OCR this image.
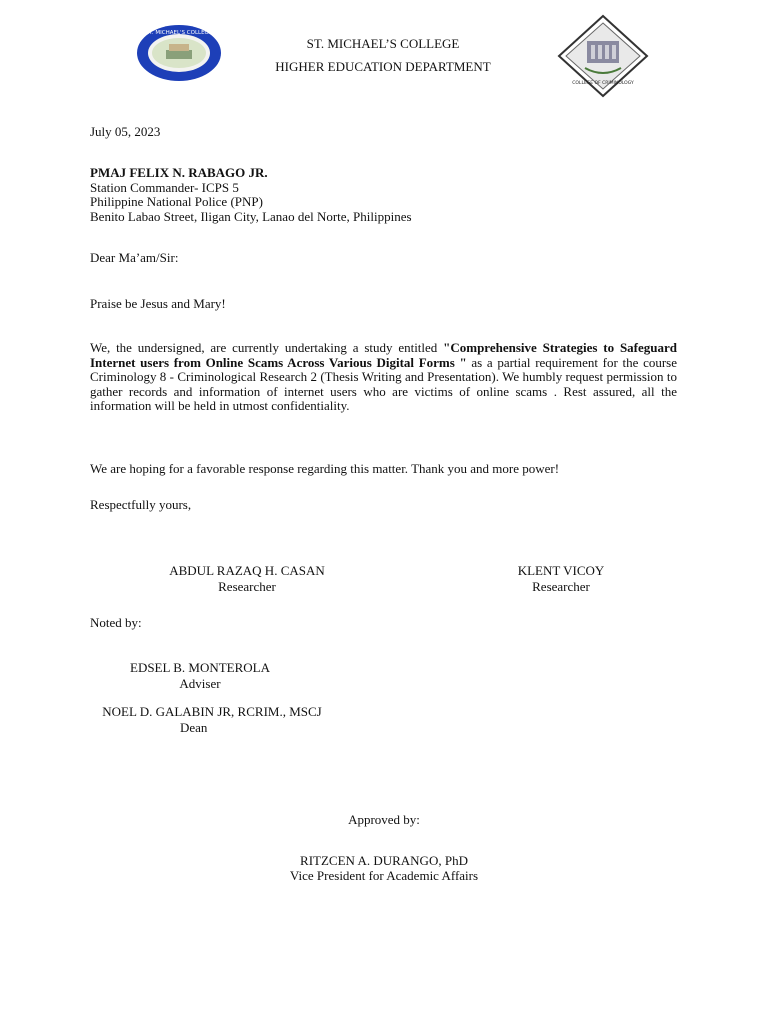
ST. MICHAEL'S COLLEGE
COLLEGE OF CRIMINOLOGY
ST. MICHAEL’S COLLEGE
HIGHER EDUCATION DEPARTMENT
July 05, 2023
PMAJ FELIX N. RABAGO JR.
Station Commander- ICPS 5
Philippine National Police (PNP)
Benito Labao Street, Iligan City, Lanao del Norte, Philippines
Dear Ma’am/Sir:
Praise be Jesus and Mary!
We, the undersigned, are currently undertaking a study entitled "Comprehensive Strategies to Safeguard Internet users from Online Scams Across Various Digital Forms " as a partial requirement for the course Criminology 8 - Criminological Research 2 (Thesis Writing and Presentation). We humbly request permission to gather records and information of internet users who are victims of online scams . Rest assured, all the information will be held in utmost confidentiality.
We are hoping for a favorable response regarding this matter. Thank you and more power!
Respectfully yours,
ABDUL RAZAQ H. CASAN
Researcher
KLENT VICOY
Researcher
Noted by:
EDSEL B. MONTEROLA
Adviser
NOEL D. GALABIN JR, RCRIM., MSCJ
Dean
Approved by:
RITZCEN A. DURANGO, PhD
Vice President for Academic Affairs
